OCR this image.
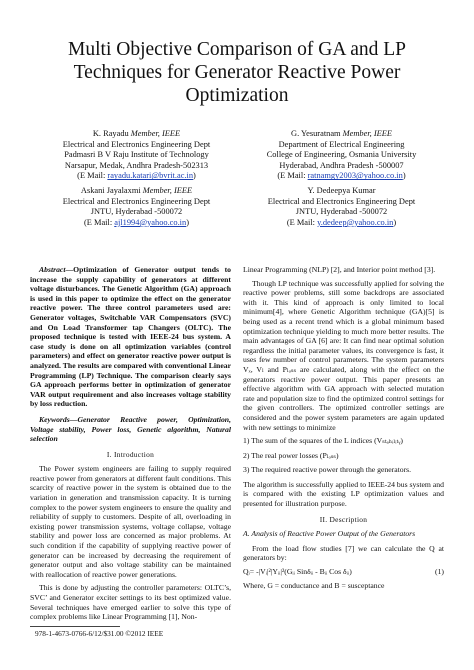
Multi Objective Comparison of GA and LP
Techniques for Generator Reactive Power
Optimization
K. Rayadu Member, IEEE
Electrical and Electronics Engineering Dept
Padmasri B V Raju Institute of Technology
Narsapur, Medak, Andhra Pradesh-502313
(E Mail: rayadu.katari@bvrit.ac.in)
G. Yesuratnam Member, IEEE
Department of Electrical Engineering
College of Engineering, Osmania University
Hyderabad, Andhra Pradesh -500007
(E Mail: ratnamgy2003@yahoo.co.in)
Askani Jayalaxmi Member, IEEE
Electrical and Electronics Engineering Dept
JNTU, Hyderabad -500072
(E Mail: ajl1994@yahoo.co.in)
Y. Dedeepya Kumar
Electrical and Electronics Engineering Dept
JNTU, Hyderabad -500072
(E Mail: y.dedeep@yahoo.co.in)

Abstract—Optimization of Generator output tends to increase the supply capability of generators at different voltage disturbances. The Genetic Algorithm (GA) approach is used in this paper to optimize the effect on the generator reactive power. The three control parameters used are: Generator voltages, Switchable VAR Compensators (SVC) and On Load Transformer tap Changers (OLTC). The proposed technique is tested with IEEE-24 bus system. A case study is done on all optimization variables (control parameters) and effect on generator reactive power output is analyzed. The results are compared with conventional Linear Programming (LP) Technique. The comparison clearly says GA approach performs better in optimization of generator VAR output requirement and also increases voltage stability by loss reduction.

Keywords—Generator Reactive power, Optimization, Voltage stability, Power loss, Genetic algorithm, Natural selection

I. Introduction

The Power system engineers are failing to supply required reactive power from generators at different fault conditions. This scarcity of reactive power in the system is obtained due to the variation in generation and transmission capacity. It is turning complex to the power system engineers to ensure the quality and reliability of supply to customers. Despite of all, overloading in existing power transmission systems, voltage collapse, voltage stability and power loss are concerned as major problems. At such condition if the capability of supplying reactive power of generator can be increased by decreasing the requirement of generator output and also voltage stability can be maintained with reallocation of reactive power generations.

This is done by adjusting the controller parameters: OLTC’s, SVC’ and Generator exciter settings to its best optimized value. Several techniques have emerged earlier to solve this type of complex problems like Linear Programming [1], Non-

Linear Programming (NLP) [2], and Interior point method [3].

Though LP technique was successfully applied for solving the reactive power problems, still some backdrops are associated with it. This kind of approach is only limited to local minimum[4], where Genetic Algorithm technique (GA)[5] is being used as a recent trend which is a global minimum based optimization technique yielding to much more better results. The main advantages of GA [6] are: It can find near optimal solution regardless the initial parameter values, its convergence is fast, it uses few number of control parameters. The system parameters Vₓ, Vₗ and Pₗₒₛₛ are calculated, along with the effect on the generators reactive power output. This paper presents an effective algorithm with GA approach with selected mutation rate and population size to find the optimized control settings for the given controllers. The optimized controller settings are considered and the power system parameters are again updated with new settings to minimize

1) The sum of the squares of the L indices (Vₛₜₐₕᵢₗᵢₜᵧ)
2) The real power losses (Pₗₒₛₛ)
3) The required reactive power through the generators.

The algorithm is successfully applied to IEEE-24 bus system and is compared with the existing LP optimization values and presented for illustration purpose.

II. Description
A. Analysis of Reactive Power Output of the Generators

From the load flow studies [7] we can calculate the Q at generators by:

Qᵢ= -|Vᵢ|²|Yᵢᵢ|²(Gᵢᵢ Sinδᵢᵢ - Bᵢᵢ Cos δᵢᵢ)	(1)

Where, G = conductance and B = susceptance

978-1-4673-0766-6/12/$31.00 ©2012 IEEE
